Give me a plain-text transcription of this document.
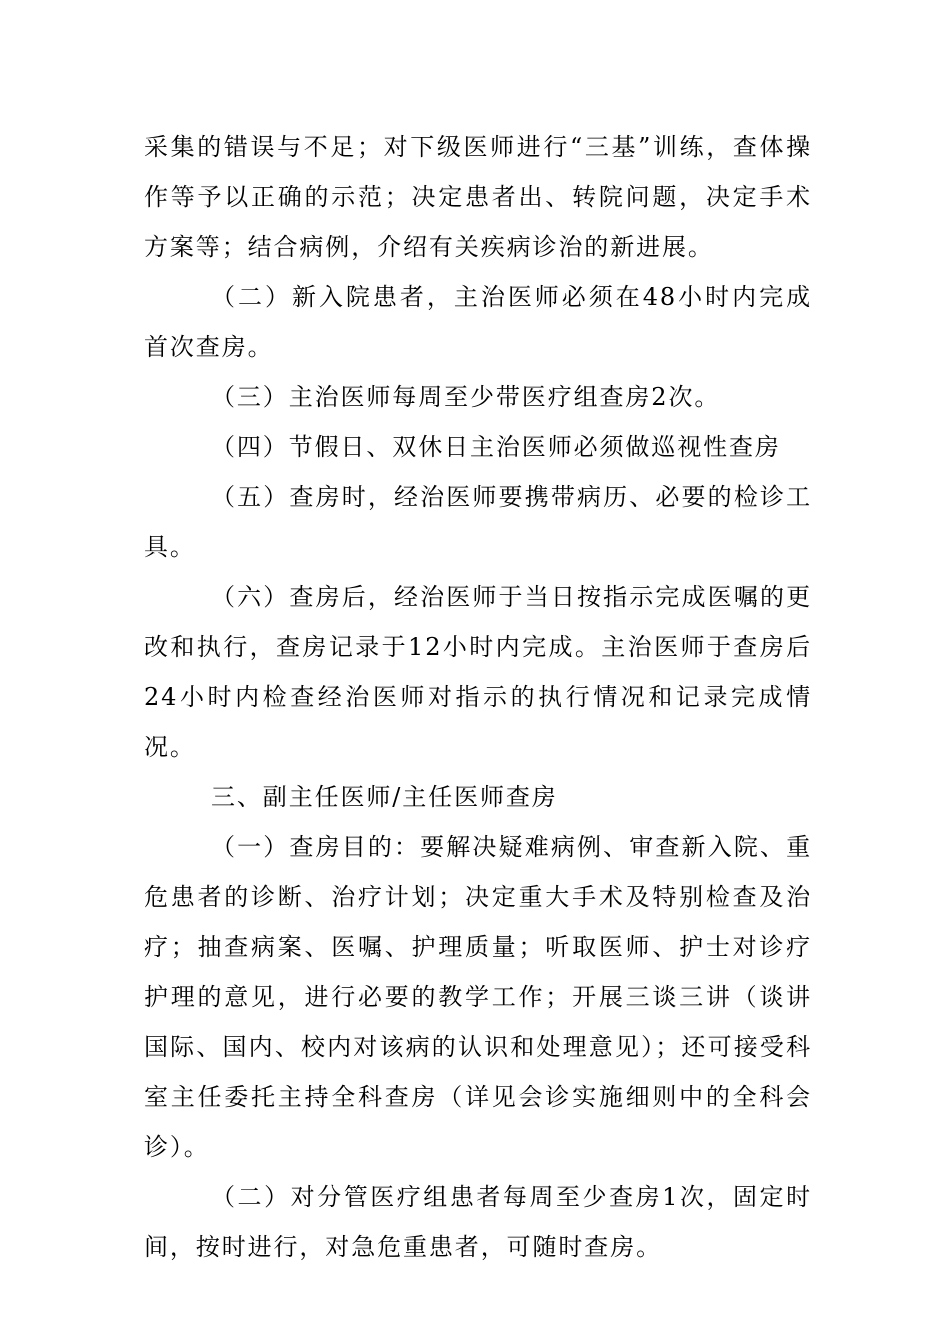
采集的错误与不足；对下级医师进行“三基”训练，查体操作等予以正确的示范；决定患者出、转院问题，决定手术方案等；结合病例，介绍有关疾病诊治的新进展。

（二）新入院患者，主治医师必须在48小时内完成首次查房。

（三）主治医师每周至少带医疗组查房2次。

（四）节假日、双休日主治医师必须做巡视性查房

（五）查房时，经治医师要携带病历、必要的检诊工具。

（六）查房后，经治医师于当日按指示完成医嘱的更改和执行，查房记录于12小时内完成。主治医师于查房后24小时内检查经治医师对指示的执行情况和记录完成情况。

三、副主任医师/主任医师查房

（一）查房目的：要解决疑难病例、审查新入院、重危患者的诊断、治疗计划；决定重大手术及特别检查及治疗；抽查病案、医嘱、护理质量；听取医师、护士对诊疗护理的意见，进行必要的教学工作；开展三谈三讲（谈讲国际、国内、校内对该病的认识和处理意见）；还可接受科室主任委托主持全科查房（详见会诊实施细则中的全科会诊）。

（二）对分管医疗组患者每周至少查房1次，固定时间，按时进行，对急危重患者，可随时查房。
